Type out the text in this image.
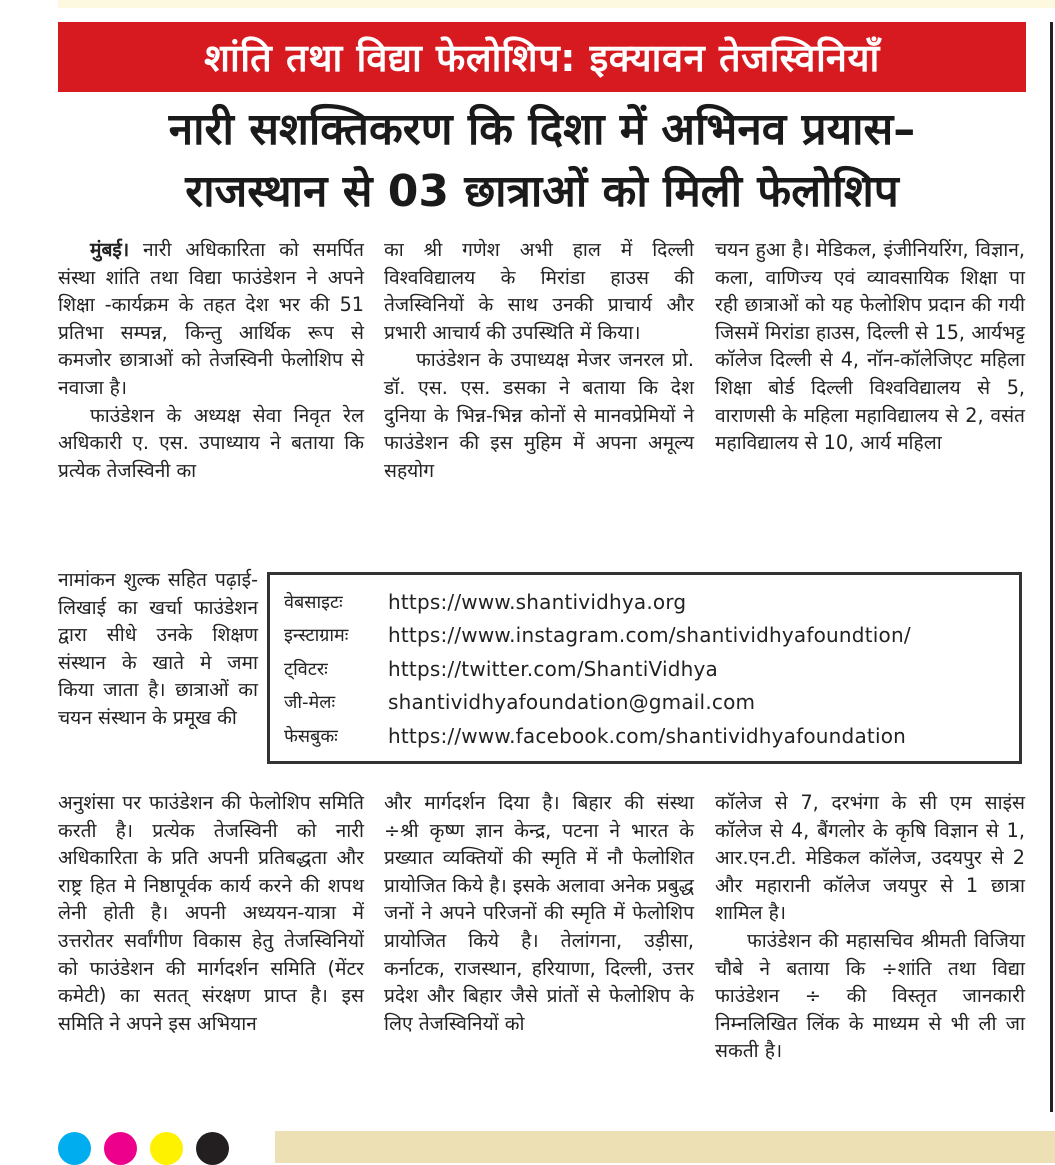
शांति तथा विद्या फेलोशिप: इक्यावन तेजस्विनियाँ
नारी सशक्तिकरण कि दिशा में अभिनव प्रयास–
राजस्थान से 03 छात्राओं को मिली फेलोशिप

मुंबई। नारी अधिकारिता को समर्पित संस्था शांति तथा विद्या फाउंडेशन ने अपने शिक्षा -कार्यक्रम के तहत देश भर की 51 प्रतिभा सम्पन्न, किन्तु आर्थिक रूप से कमजोर छात्राओं को तेजस्विनी फेलोशिप से नवाजा है।

फाउंडेशन के अध्यक्ष सेवा निवृत रेल अधिकारी ए. एस. उपाध्याय ने बताया कि प्रत्येक तेजस्विनी का

नामांकन शुल्क सहित पढ़ाई-लिखाई का खर्चा फाउंडेशन द्वारा सीधे उनके शिक्षण संस्थान के खाते मे जमा किया जाता है। छात्राओं का चयन संस्थान के प्रमूख की

का श्री गणेश अभी हाल में दिल्ली विश्वविद्यालय के मिरांडा हाउस की तेजस्विनियों के साथ उनकी प्राचार्य और प्रभारी आचार्य की उपस्थिति में किया।

फाउंडेशन के उपाध्यक्ष मेजर जनरल प्रो. डॉ. एस. एस. डसका ने बताया कि देश दुनिया के भिन्न-भिन्न कोनों से मानवप्रेमियों ने फाउंडेशन की इस मुहिम में अपना अमूल्य सहयोग

चयन हुआ है। मेडिकल, इंजीनियरिंग, विज्ञान, कला, वाणिज्य एवं व्यावसायिक शिक्षा पा रही छात्राओं को यह फेलोशिप प्रदान की गयी जिसमें मिरांडा हाउस, दिल्ली से 15, आर्यभट्ट कॉलेज दिल्ली से 4, नॉन-कॉलेजिएट महिला शिक्षा बोर्ड दिल्ली विश्वविद्यालय से 5, वाराणसी के महिला महाविद्यालय से 2, वसंत महाविद्यालय से 10, आर्य महिला

वेबसाइटः	https://www.shantividhya.org
इन्स्टाग्रामः	https://www.instagram.com/shantividhyafoundtion/
ट्विटरः	https://twitter.com/ShantiVidhya
जी-मेलः	shantividhyafoundation@gmail.com
फेसबुकः	https://www.facebook.com/shantividhyafoundation

अनुशंसा पर फाउंडेशन की फेलोशिप समिति करती है। प्रत्येक तेजस्विनी को नारी अधिकारिता के प्रति अपनी प्रतिबद्धता और राष्ट्र हित मे निष्ठापूर्वक कार्य करने की शपथ लेनी होती है। अपनी अध्ययन-यात्रा में उत्तरोतर सर्वांगीण विकास हेतु तेजस्विनियों को फाउंडेशन की मार्गदर्शन समिति (मेंटर कमेटी) का सतत् संरक्षण प्राप्त है। इस समिति ने अपने इस अभियान

और मार्गदर्शन दिया है। बिहार की संस्था ÷श्री कृष्ण ज्ञान केन्द्र, पटना ने भारत के प्रख्यात व्यक्तियों की स्मृति में नौ फेलोशित प्रायोजित किये है। इसके अलावा अनेक प्रबुद्ध जनों ने अपने परिजनों की स्मृति में फेलोशिप प्रायोजित किये है। तेलांगना, उड़ीसा, कर्नाटक, राजस्थान, हरियाणा, दिल्ली, उत्तर प्रदेश और बिहार जैसे प्रांतों से फेलोशिप के लिए तेजस्विनियों को

कॉलेज से 7, दरभंगा के सी एम साइंस कॉलेज से 4, बैंगलोर के कृषि विज्ञान से 1, आर.एन.टी. मेडिकल कॉलेज, उदयपुर से 2 और महारानी कॉलेज जयपुर से 1 छात्रा शामिल है।

फाउंडेशन की महासचिव श्रीमती विजिया चौबे ने बताया कि ÷शांति तथा विद्या फाउंडेशन ÷ की विस्तृत जानकारी निम्नलिखित लिंक के माध्यम से भी ली जा सकती है।
